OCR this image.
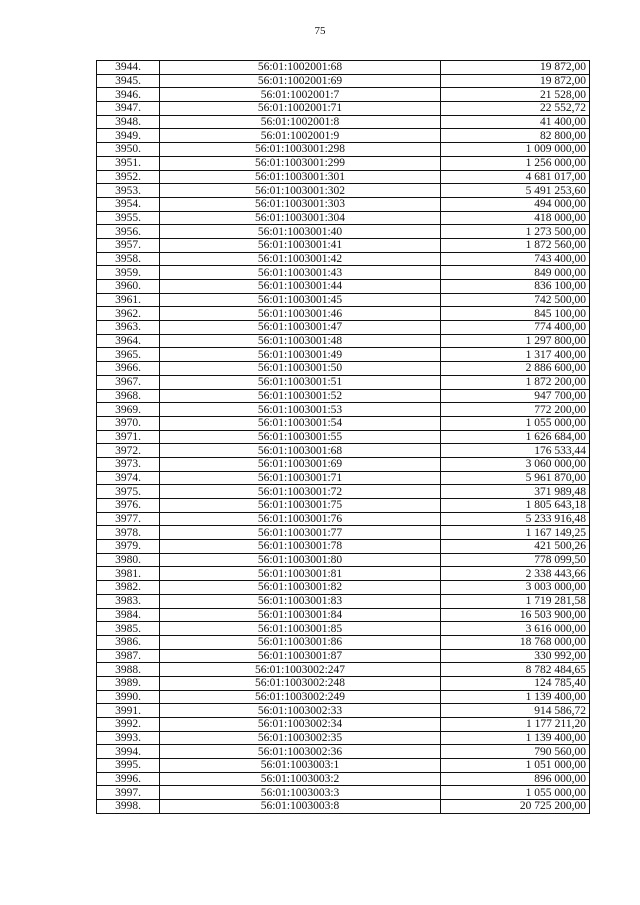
75
3944.	56:01:1002001:68	19 872,00
3945.	56:01:1002001:69	19 872,00
3946.	56:01:1002001:7	21 528,00
3947.	56:01:1002001:71	22 552,72
3948.	56:01:1002001:8	41 400,00
3949.	56:01:1002001:9	82 800,00
3950.	56:01:1003001:298	1 009 000,00
3951.	56:01:1003001:299	1 256 000,00
3952.	56:01:1003001:301	4 681 017,00
3953.	56:01:1003001:302	5 491 253,60
3954.	56:01:1003001:303	494 000,00
3955.	56:01:1003001:304	418 000,00
3956.	56:01:1003001:40	1 273 500,00
3957.	56:01:1003001:41	1 872 560,00
3958.	56:01:1003001:42	743 400,00
3959.	56:01:1003001:43	849 000,00
3960.	56:01:1003001:44	836 100,00
3961.	56:01:1003001:45	742 500,00
3962.	56:01:1003001:46	845 100,00
3963.	56:01:1003001:47	774 400,00
3964.	56:01:1003001:48	1 297 800,00
3965.	56:01:1003001:49	1 317 400,00
3966.	56:01:1003001:50	2 886 600,00
3967.	56:01:1003001:51	1 872 200,00
3968.	56:01:1003001:52	947 700,00
3969.	56:01:1003001:53	772 200,00
3970.	56:01:1003001:54	1 055 000,00
3971.	56:01:1003001:55	1 626 684,00
3972.	56:01:1003001:68	176 533,44
3973.	56:01:1003001:69	3 060 000,00
3974.	56:01:1003001:71	5 961 870,00
3975.	56:01:1003001:72	371 989,48
3976.	56:01:1003001:75	1 805 643,18
3977.	56:01:1003001:76	5 233 916,48
3978.	56:01:1003001:77	1 167 149,25
3979.	56:01:1003001:78	421 500,26
3980.	56:01:1003001:80	778 099,50
3981.	56:01:1003001:81	2 338 443,66
3982.	56:01:1003001:82	3 003 000,00
3983.	56:01:1003001:83	1 719 281,58
3984.	56:01:1003001:84	16 503 900,00
3985.	56:01:1003001:85	3 616 000,00
3986.	56:01:1003001:86	18 768 000,00
3987.	56:01:1003001:87	330 992,00
3988.	56:01:1003002:247	8 782 484,65
3989.	56:01:1003002:248	124 785,40
3990.	56:01:1003002:249	1 139 400,00
3991.	56:01:1003002:33	914 586,72
3992.	56:01:1003002:34	1 177 211,20
3993.	56:01:1003002:35	1 139 400,00
3994.	56:01:1003002:36	790 560,00
3995.	56:01:1003003:1	1 051 000,00
3996.	56:01:1003003:2	896 000,00
3997.	56:01:1003003:3	1 055 000,00
3998.	56:01:1003003:8	20 725 200,00
